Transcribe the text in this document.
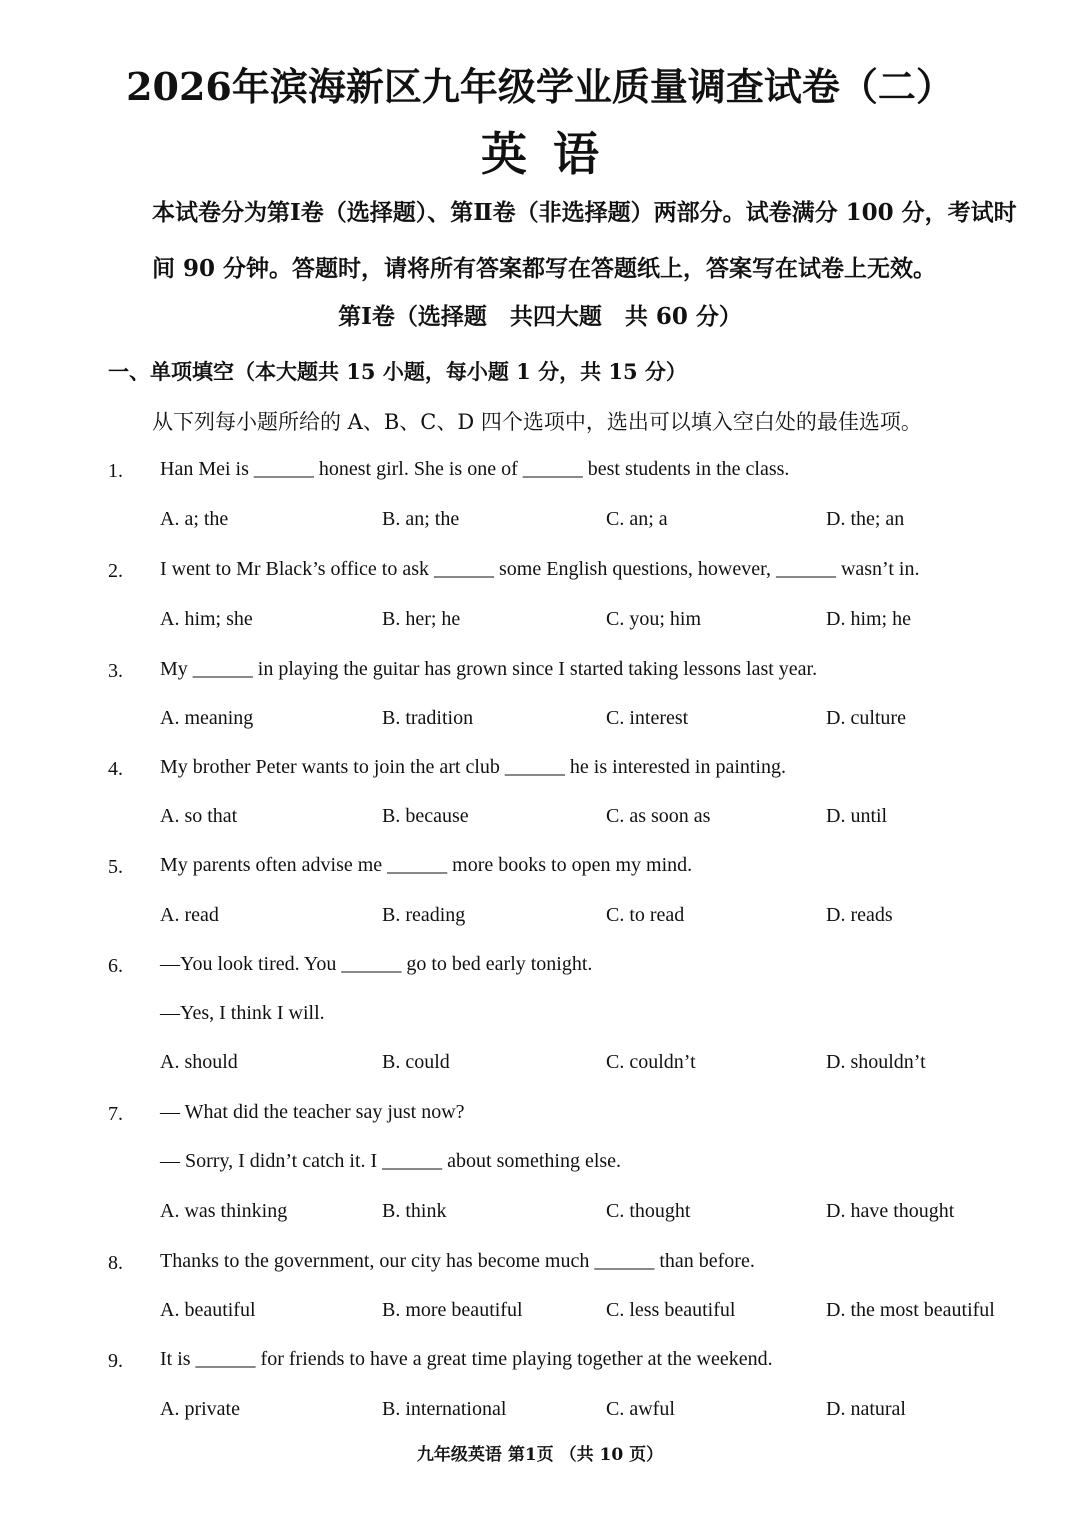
2026年滨海新区九年级学业质量调查试卷（二）
英语
本试卷分为第Ⅰ卷（选择题）、第Ⅱ卷（非选择题）两部分。试卷满分 100 分，考试时
间 90 分钟。答题时，请将所有答案都写在答题纸上，答案写在试卷上无效。
第Ⅰ卷（选择题　共四大题　共 60 分）
一、单项填空（本大题共 15 小题，每小题 1 分，共 15 分）
从下列每小题所给的 A、B、C、D 四个选项中，选出可以填入空白处的最佳选项。
1. Han Mei is ______ honest girl. She is one of ______ best students in the class.
A. a; the	B. an; the	C. an; a	D. the; an
2. I went to Mr Black’s office to ask ______ some English questions, however, ______ wasn’t in.
A. him; she	B. her; he	C. you; him	D. him; he
3. My ______ in playing the guitar has grown since I started taking lessons last year.
A. meaning	B. tradition	C. interest	D. culture
4. My brother Peter wants to join the art club ______ he is interested in painting.
A. so that	B. because	C. as soon as	D. until
5. My parents often advise me ______ more books to open my mind.
A. read	B. reading	C. to read	D. reads
6. —You look tired. You ______ go to bed early tonight.
—Yes, I think I will.
A. should	B. could	C. couldn’t	D. shouldn’t
7. — What did the teacher say just now?
— Sorry, I didn’t catch it. I ______ about something else.
A. was thinking	B. think	C. thought	D. have thought
8. Thanks to the government, our city has become much ______ than before.
A. beautiful	B. more beautiful	C. less beautiful	D. the most beautiful
9. It is ______ for friends to have a great time playing together at the weekend.
A. private	B. international	C. awful	D. natural
九年级英语 第1页 （共 10 页）
